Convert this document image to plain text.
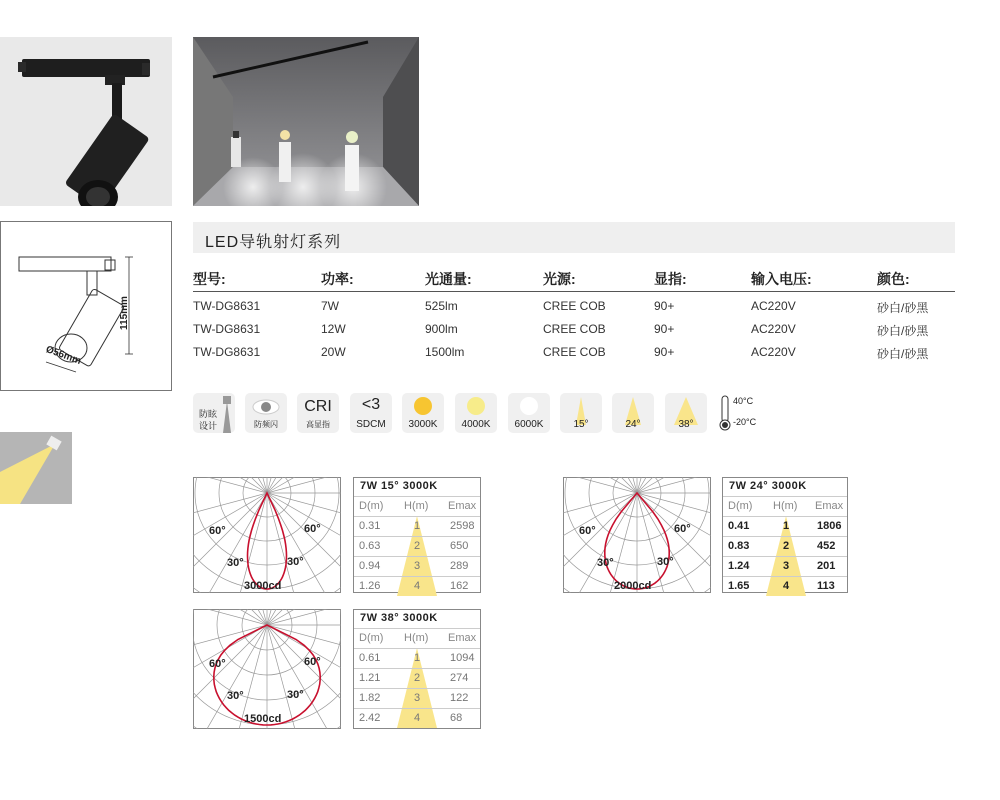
115mm
Ø56mm
LED导轨射灯系列
型号:	功率:	光通量:	光源:	显指:	输入电压:	颜色:
TW-DG8631	7W	525lm	CREE COB	90+	AC220V	砂白/砂黑
TW-DG8631	12W	900lm	CREE COB	90+	AC220V	砂白/砂黑
TW-DG8631	20W	1500lm	CREE COB	90+	AC220V	砂白/砂黑
防眩
设计	防频闪
CRI
高显指
<3
SDCM	3000K	4000K	6000K	15°	24°	38°
40°C
-20°C
60°	60°
30°	30°
3000cd
60°	60°
30°	30°
2000cd
60°	60°
30°	30°
1500cd
7W 15° 3000K
D(m) H(m) Emax
0.31	1	2598
0.63	2	650
0.94	3	289
1.26	4	162
7W 24° 3000K
D(m) H(m) Emax
0.41	1	1806
0.83	2	452
1.24	3	201
1.65	4	113
7W 38° 3000K
D(m) H(m) Emax
0.61	1	1094
1.21	2	274
1.82	3	122
2.42	4	68
